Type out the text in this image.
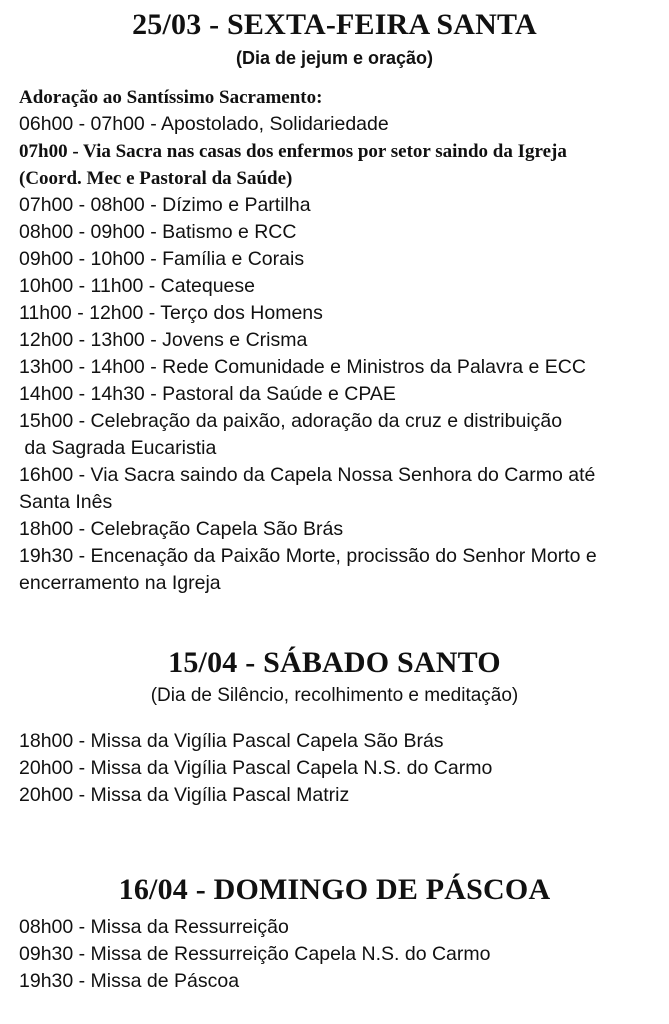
25/03 - SEXTA-FEIRA SANTA
(Dia de jejum e oração)
Adoração ao Santíssimo Sacramento:
06h00 - 07h00 - Apostolado, Solidariedade
07h00 - Via Sacra nas casas dos enfermos por setor saindo da Igreja
(Coord. Mec e Pastoral da Saúde)
07h00 - 08h00 - Dízimo e Partilha
08h00 - 09h00 - Batismo e RCC
09h00 - 10h00 - Família e Corais
10h00 - 11h00 - Catequese
11h00 - 12h00 - Terço dos Homens
12h00 - 13h00 - Jovens e Crisma
13h00 - 14h00 - Rede Comunidade e Ministros da Palavra e ECC
14h00 - 14h30 - Pastoral da Saúde e CPAE
15h00 - Celebração da paixão, adoração da cruz e distribuição
da Sagrada Eucaristia
16h00 - Via Sacra saindo da Capela Nossa Senhora do Carmo até
Santa Inês
18h00 - Celebração Capela São Brás
19h30 - Encenação da Paixão Morte, procissão do Senhor Morto e
encerramento na Igreja
15/04 - SÁBADO SANTO
(Dia de Silêncio, recolhimento e meditação)
18h00 - Missa da Vigília Pascal Capela São Brás
20h00 - Missa da Vigília Pascal Capela N.S. do Carmo
20h00 - Missa da Vigília Pascal Matriz
16/04 - DOMINGO DE PÁSCOA
08h00 - Missa da Ressurreição
09h30 - Missa de Ressurreição Capela N.S. do Carmo
19h30 - Missa de Páscoa
